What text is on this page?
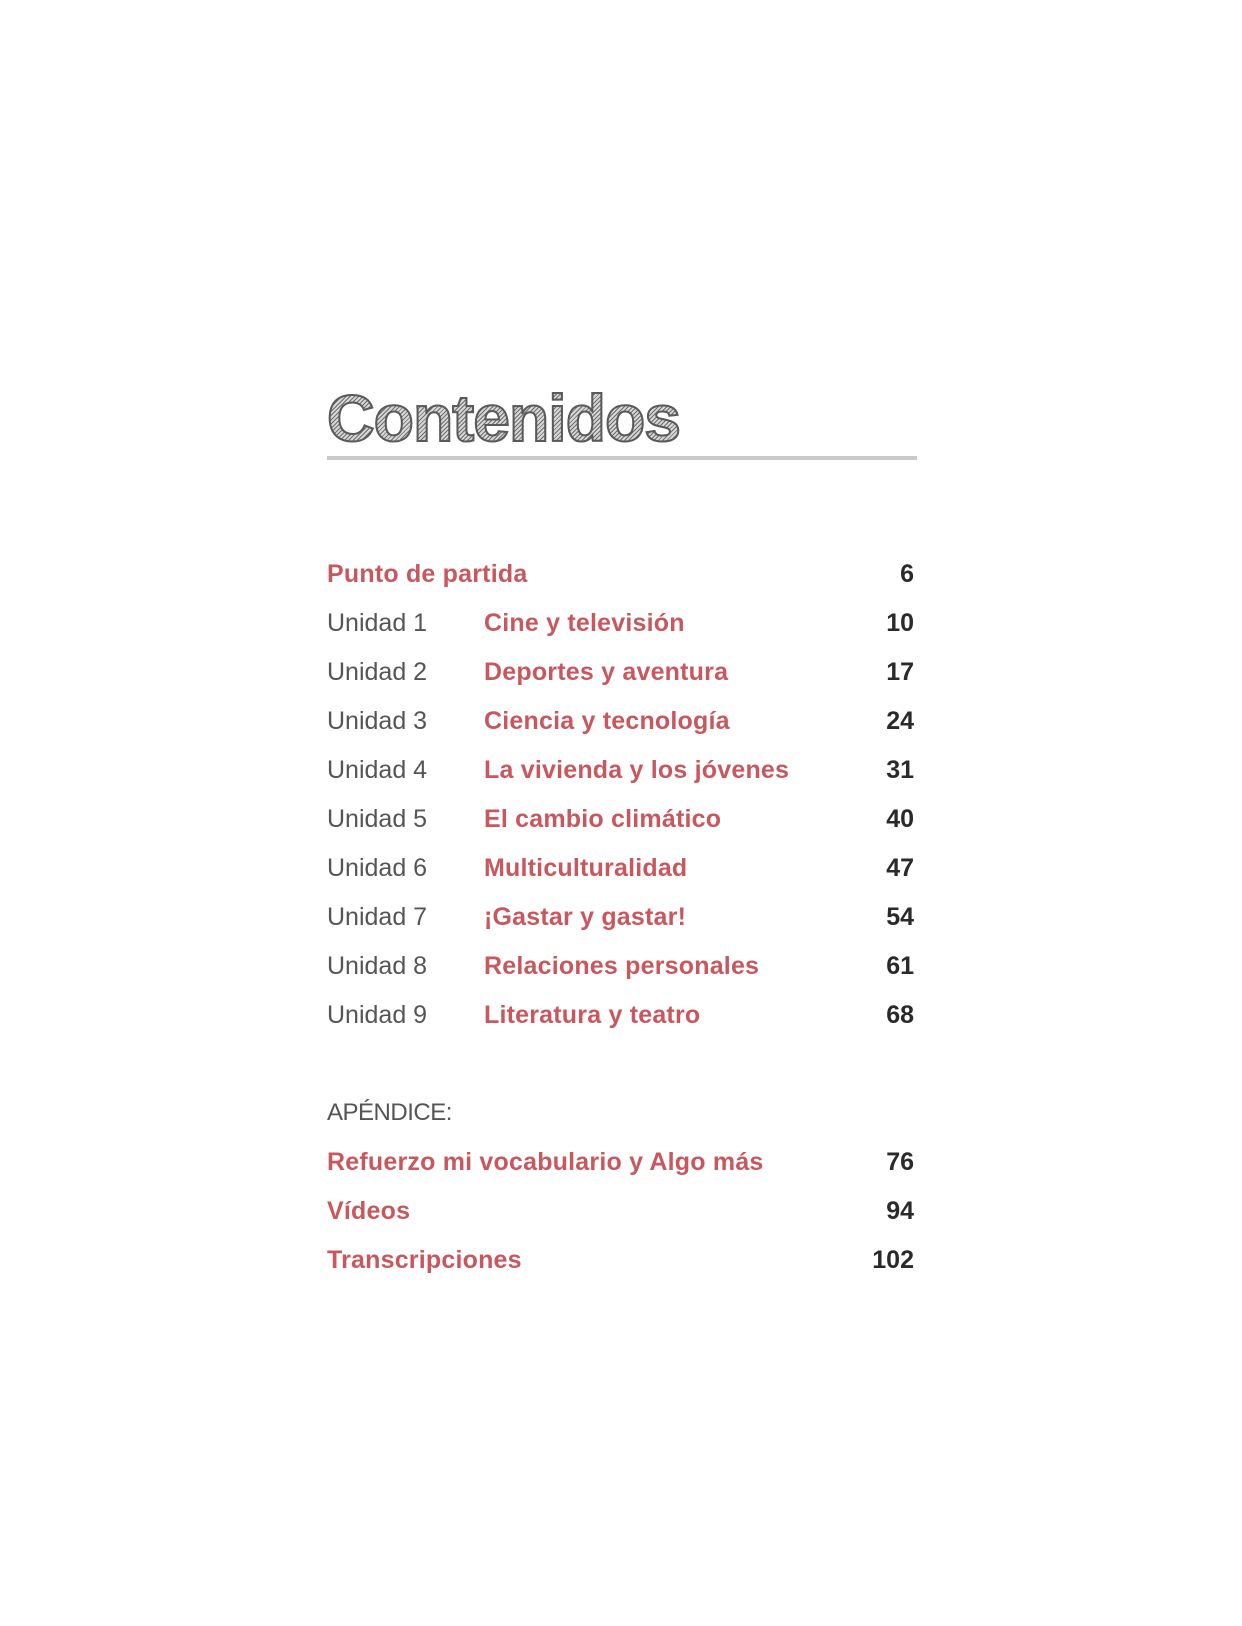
Contenidos
Punto de partida	6
Unidad 1 Cine y televisión	10
Unidad 2 Deportes y aventura	17
Unidad 3 Ciencia y tecnología	24
Unidad 4 La vivienda y los jóvenes	31
Unidad 5 El cambio climático	40
Unidad 6 Multiculturalidad	47
Unidad 7 ¡Gastar y gastar!	54
Unidad 8 Relaciones personales	61
Unidad 9 Literatura y teatro	68
APÉNDICE:
Refuerzo mi vocabulario y Algo más	76
Vídeos	94
Transcripciones	102
